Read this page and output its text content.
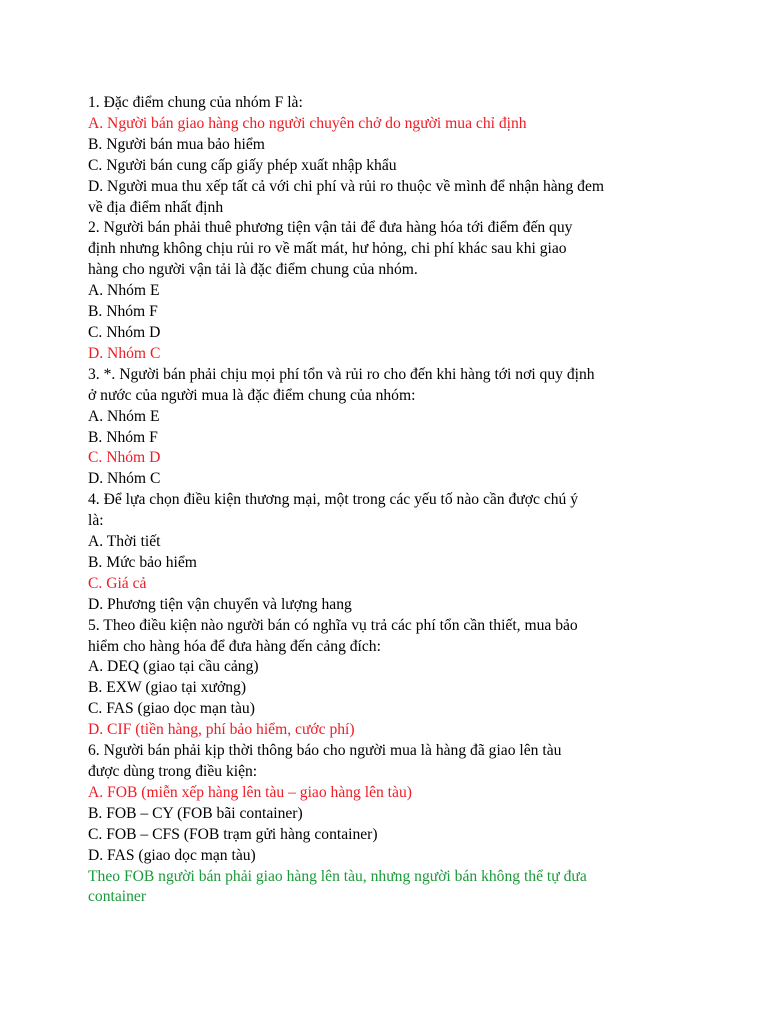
1. Đặc điểm chung của nhóm F là:
A. Người bán giao hàng cho người chuyên chở do người mua chỉ định
B. Người bán mua bảo hiểm
C. Người bán cung cấp giấy phép xuất nhập khẩu
D. Người mua thu xếp tất cả với chi phí và rủi ro thuộc về mình để nhận hàng đem
về địa điểm nhất định
2. Người bán phải thuê phương tiện vận tải để đưa hàng hóa tới điểm đến quy
định nhưng không chịu rủi ro về mất mát, hư hỏng, chi phí khác sau khi giao
hàng cho người vận tải là đặc điểm chung của nhóm.
A. Nhóm E
B. Nhóm F
C. Nhóm D
D. Nhóm C
3. *. Người bán phải chịu mọi phí tổn và rủi ro cho đến khi hàng tới nơi quy định
ở nước của người mua là đặc điểm chung của nhóm:
A. Nhóm E
B. Nhóm F
C. Nhóm D
D. Nhóm C
4. Để lựa chọn điều kiện thương mại, một trong các yếu tố nào cần được chú ý
là:
A. Thời tiết
B. Mức bảo hiểm
C. Giá cả
D. Phương tiện vận chuyển và lượng hang
5. Theo điều kiện nào người bán có nghĩa vụ trả các phí tổn cần thiết, mua bảo
hiểm cho hàng hóa để đưa hàng đến cảng đích:
A. DEQ (giao tại cầu cảng)
B. EXW (giao tại xưởng)
C. FAS (giao dọc mạn tàu)
D. CIF (tiền hàng, phí bảo hiểm, cước phí)
6. Người bán phải kịp thời thông báo cho người mua là hàng đã giao lên tàu
được dùng trong điều kiện:
A. FOB (miễn xếp hàng lên tàu – giao hàng lên tàu)
B. FOB – CY (FOB bãi container)
C. FOB – CFS (FOB trạm gửi hàng container)
D. FAS (giao dọc mạn tàu)
Theo FOB người bán phải giao hàng lên tàu, nhưng người bán không thể tự đưa
container
